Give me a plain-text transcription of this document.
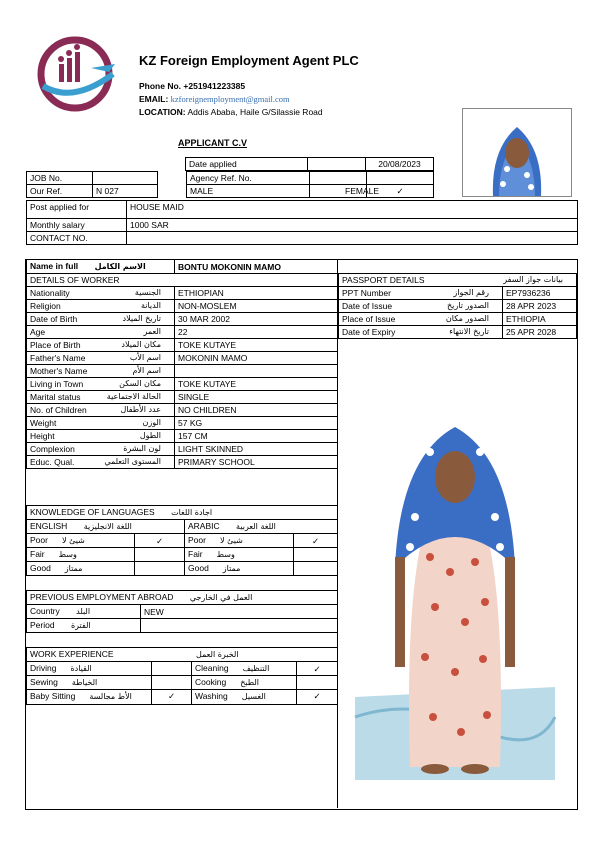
KZ Foreign Employment Agent PLC
Phone No. +251941223385
EMAIL: kzforeignemployment@gmail.com
LOCATION: Addis Ababa, Haile G/Silassie Road
APPLICANT C.V
Date applied		20/08/2023
JOB No.			Agency Ref. No.		
Our Ref.	N 027		MALE	FEMALE	✓
Post applied for	HOUSE MAID
Monthly salary	1000 SAR
CONTACT NO.	
Name in full الاسم الكامل	BONTU MOKONIN MAMO
DETAILS OF WORKER	
Nationality الجنسية	ETHIOPIAN
Religion الديانة	NON-MOSLEM
Date of Birth تاريخ الميلاد	30 MAR 2002
Age العمر	22
Place of Birth مكان الميلاد	TOKE KUTAYE
Father's Name اسم الأب	MOKONIN MAMO
Mother's Name اسم الأم	

Living in Town مكان السكن	TOKE KUTAYE
Marital status الحالة الاجتماعية	SINGLE
No. of Children عدد الأطفال	NO CHILDREN
Weight الوزن	57 KG
Height الطول	157 CM
Complexion لون البشرة	LIGHT SKINNED
Educ. Qual. المستوى التعلمي	PRIMARY SCHOOL
PASSPORT DETAILS بيانات جواز السفر	

PPT Number رقم الجواز	EP7936236
Date of Issue الصدور تاريخ	28 APR 2023
Place of Issue الصدور مكان	ETHIOPIA
Date of Expiry تاريخ الانتهاء	25 APR 2028
KNOWLEDGE OF LANGUAGES اجادة اللغات			
ENGLISH اللغة الانجليزية		ARABIC اللغة العربية	
Poor شيئ لا	✓	Poor شيئ لا	✓
Fair وسط		Fair وسط	
Good ممتاز		Good ممتاز	
PREVIOUS EMPLOYMENT ABROAD العمل في الخارجي	
Country البلد	NEW
Period الفترة	
WORK EXPERIENCE الخبرة العمل			
Driving القيادة		Cleaning التنظيف	✓
Sewing الخياطة		Cooking الطبخ	
Baby Sitting الأط مجالسة	✓	Washing الغسيل	✓
